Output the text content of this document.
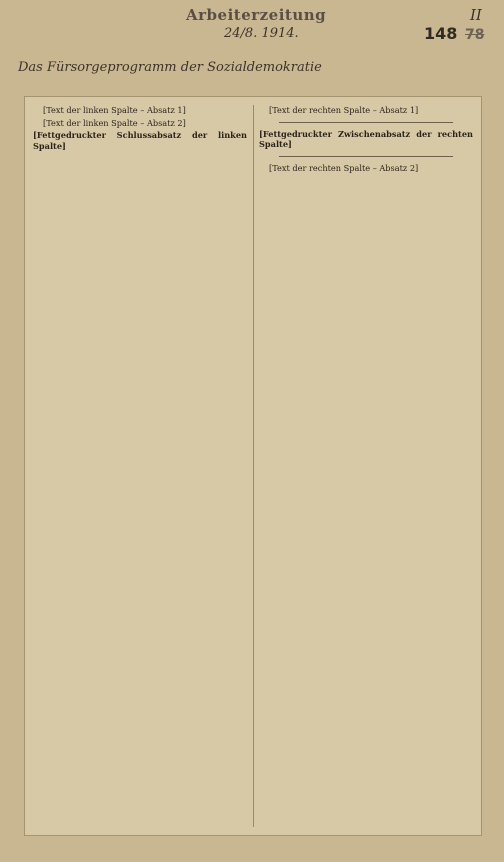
Arbeiterzeitung
24/8. 1914.	148 78
II
Das Fürsorgeprogramm der Sozialdemokratie

[Text der linken Spalte – Absatz 1]

[Text der linken Spalte – Absatz 2]

[Fettgedruckter Schlussabsatz der linken Spalte]

[Text der rechten Spalte – Absatz 1]

[Fettgedruckter Zwischenabsatz der rechten Spalte]

[Text der rechten Spalte – Absatz 2]
